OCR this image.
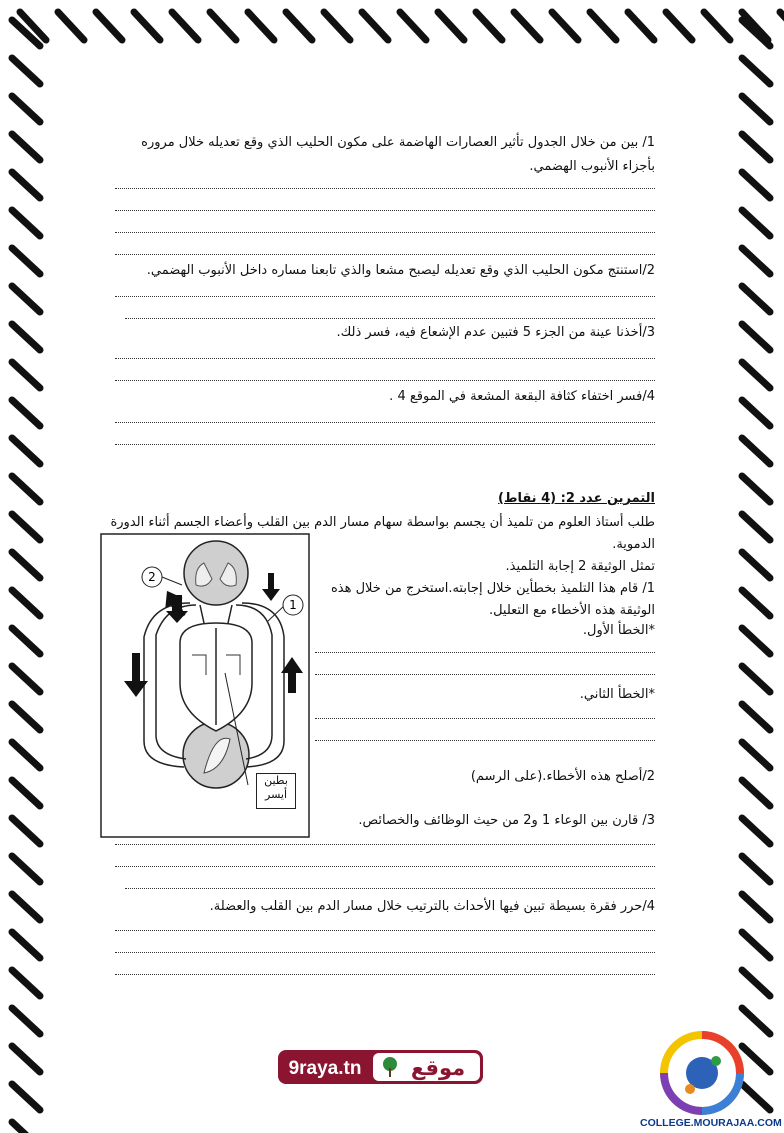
1/ بين من خلال الجدول تأثير العصارات الهاضمة على مكون الحليب الذي وقع تعديله خلال مروره

بأجزاء الأنبوب الهضمي.

2/استنتج مكون الحليب الذي وقع تعديله ليصبح مشعا والذي تابعنا مساره داخل الأنبوب الهضمي.

3/أخذنا عينة من الجزء 5 فتبين عدم الإشعاع فيه، فسر ذلك.

4/فسر اختفاء كثافة البقعة المشعة في الموقع 4 .

التمرين عدد 2: (4 نقاط)

طلب أستاذ العلوم من تلميذ أن يجسم بواسطة سهام مسار الدم بين القلب وأعضاء الجسم أثناء الدورة

الدموية.

تمثل الوثيقة 2 إجابة التلميذ.

1/ قام هذا التلميذ بخطأين خلال إجابته.استخرج من خلال هذه

الوثيقة هذه الأخطاء مع التعليل.

*الخطأ الأول.

*الخطأ الثاني.

2/أصلح هذه الأخطاء.(على الرسم)

3/ قارن بين الوعاء 1 و2 من حيث الوظائف والخصائص.

4/حرر فقرة بسيطة تبين فيها الأحداث بالترتيب خلال مسار الدم بين القلب والعضلة.

1
2
بطين
أيسر
9raya.tn موقع
COLLEGE.MOURAJAA.COM
